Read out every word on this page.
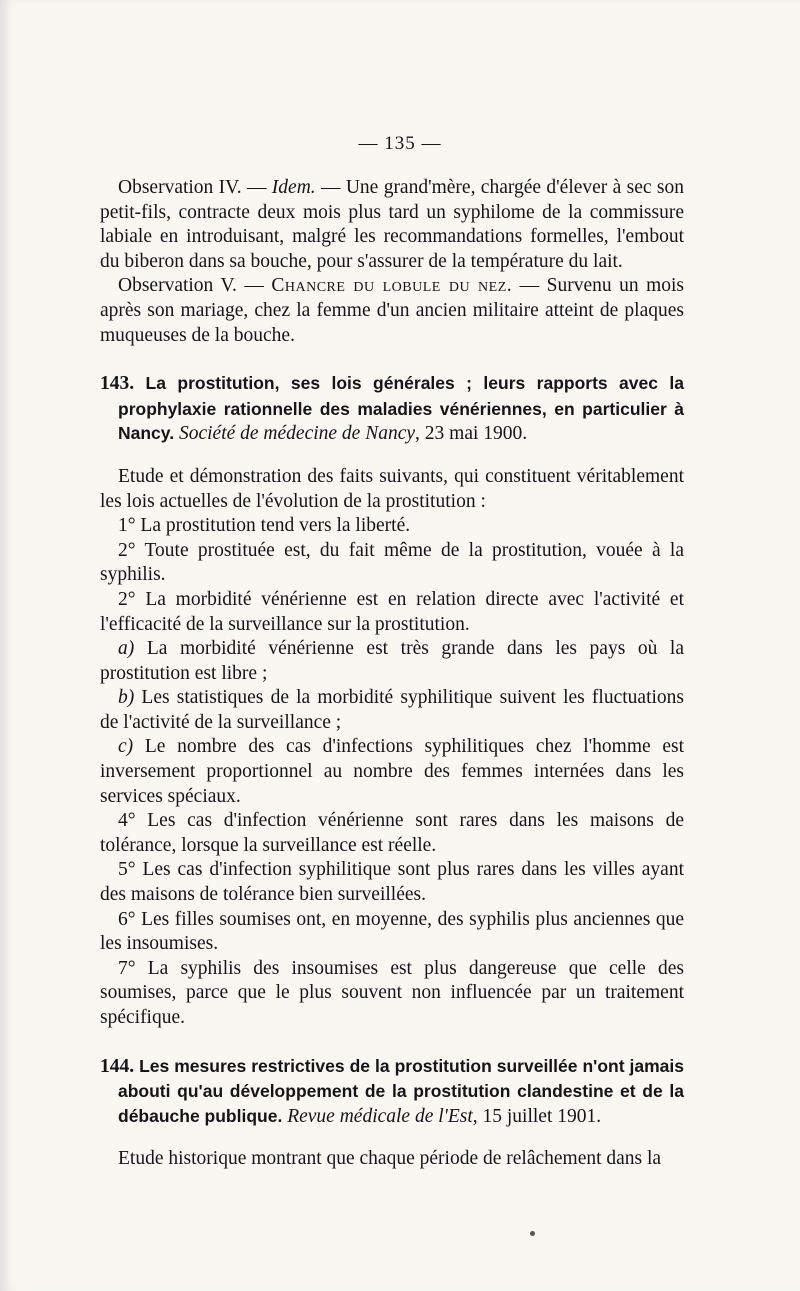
— 135 —

Observation IV. — Idem. — Une grand'mère, chargée d'élever à sec son petit-fils, contracte deux mois plus tard un syphilome de la commissure labiale en introduisant, malgré les recommandations formelles, l'embout du biberon dans sa bouche, pour s'assurer de la température du lait.

Observation V. — Chancre du lobule du nez. — Survenu un mois après son mariage, chez la femme d'un ancien militaire atteint de plaques muqueuses de la bouche.

143. La prostitution, ses lois générales ; leurs rapports avec la prophylaxie rationnelle des maladies vénériennes, en particulier à Nancy. Société de médecine de Nancy, 23 mai 1900.

Etude et démonstration des faits suivants, qui constituent véritablement les lois actuelles de l'évolution de la prostitution :

1° La prostitution tend vers la liberté.

2° Toute prostituée est, du fait même de la prostitution, vouée à la syphilis.

2° La morbidité vénérienne est en relation directe avec l'activité et l'efficacité de la surveillance sur la prostitution.

a) La morbidité vénérienne est très grande dans les pays où la prostitution est libre ;

b) Les statistiques de la morbidité syphilitique suivent les fluctuations de l'activité de la surveillance ;

c) Le nombre des cas d'infections syphilitiques chez l'homme est inversement proportionnel au nombre des femmes internées dans les services spéciaux.

4° Les cas d'infection vénérienne sont rares dans les maisons de tolérance, lorsque la surveillance est réelle.

5° Les cas d'infection syphilitique sont plus rares dans les villes ayant des maisons de tolérance bien surveillées.

6° Les filles soumises ont, en moyenne, des syphilis plus anciennes que les insoumises.

7° La syphilis des insoumises est plus dangereuse que celle des soumises, parce que le plus souvent non influencée par un traitement spécifique.

144. Les mesures restrictives de la prostitution surveillée n'ont jamais abouti qu'au développement de la prostitution clandestine et de la débauche publique. Revue médicale de l'Est, 15 juillet 1901.

Etude historique montrant que chaque période de relâchement dans la
